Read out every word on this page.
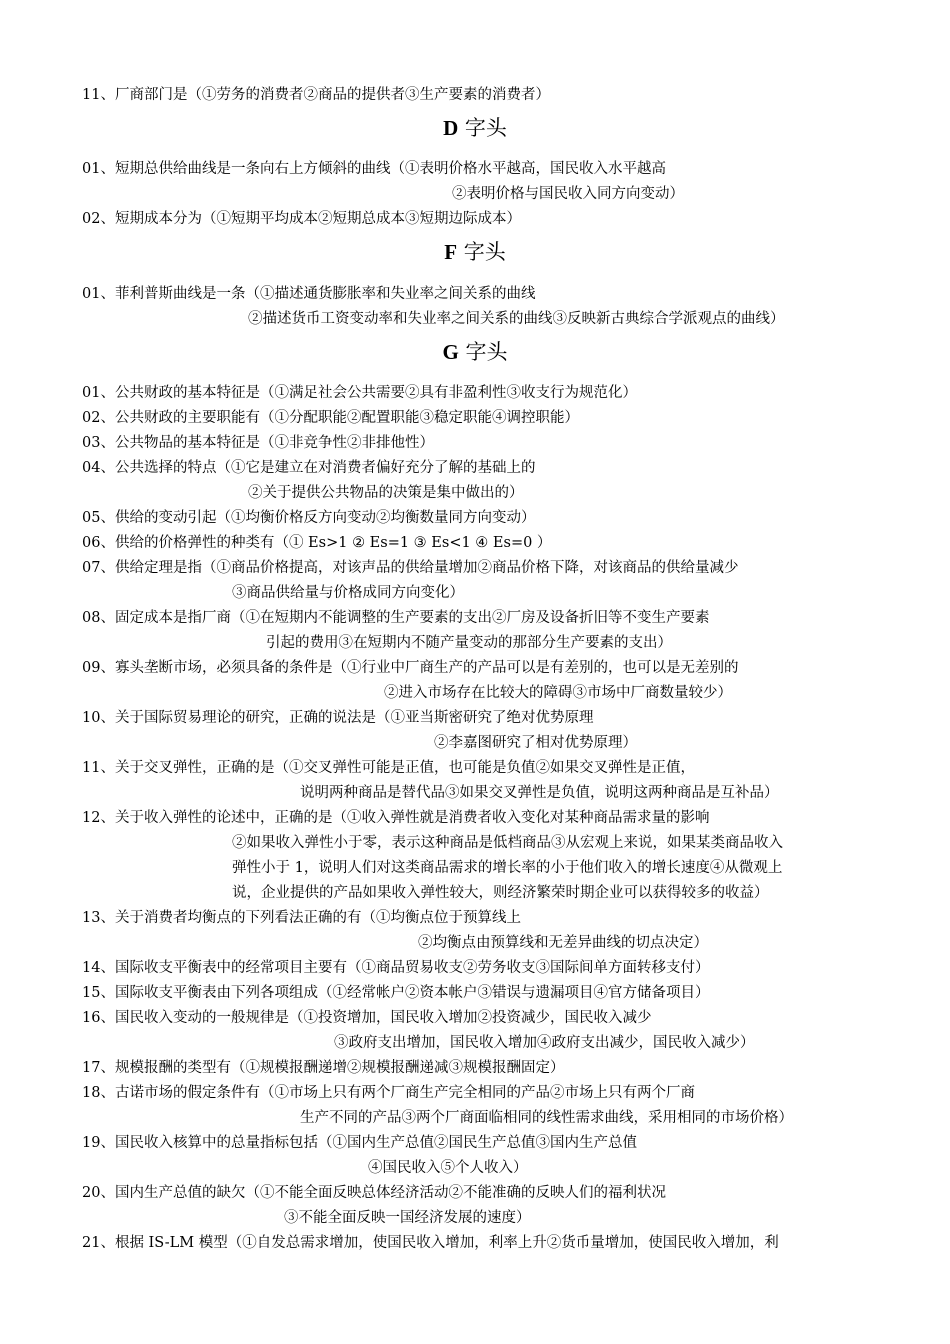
11、厂商部门是（①劳务的消费者②商品的提供者③生产要素的消费者）
D 字头
01、短期总供给曲线是一条向右上方倾斜的曲线（①表明价格水平越高，国民收入水平越高
②表明价格与国民收入同方向变动）
02、短期成本分为（①短期平均成本②短期总成本③短期边际成本）
F 字头
01、菲利普斯曲线是一条（①描述通货膨胀率和失业率之间关系的曲线
②描述货币工资变动率和失业率之间关系的曲线③反映新古典综合学派观点的曲线）
G 字头
01、公共财政的基本特征是（①满足社会公共需要②具有非盈利性③收支行为规范化）
02、公共财政的主要职能有（①分配职能②配置职能③稳定职能④调控职能）
03、公共物品的基本特征是（①非竞争性②非排他性）
04、公共选择的特点（①它是建立在对消费者偏好充分了解的基础上的
②关于提供公共物品的决策是集中做出的）
05、供给的变动引起（①均衡价格反方向变动②均衡数量同方向变动）
06、供给的价格弹性的种类有（① Es>1 ② Es=1 ③ Es<1 ④ Es=0 ）
07、供给定理是指（①商品价格提高，对该声品的供给量增加②商品价格下降，对该商品的供给量减少
③商品供给量与价格成同方向变化）
08、固定成本是指厂商（①在短期内不能调整的生产要素的支出②厂房及设备折旧等不变生产要素
引起的费用③在短期内不随产量变动的那部分生产要素的支出）
09、寡头垄断市场，必须具备的条件是（①行业中厂商生产的产品可以是有差别的，也可以是无差别的
②进入市场存在比较大的障碍③市场中厂商数量较少）
10、关于国际贸易理论的研究，正确的说法是（①亚当斯密研究了绝对优势原理
②李嘉图研究了相对优势原理）
11、关于交叉弹性，正确的是（①交叉弹性可能是正值，也可能是负值②如果交叉弹性是正值，
说明两种商品是替代品③如果交叉弹性是负值，说明这两种商品是互补品）
12、关于收入弹性的论述中，正确的是（①收入弹性就是消费者收入变化对某种商品需求量的影响
②如果收入弹性小于零，表示这种商品是低档商品③从宏观上来说，如果某类商品收入
弹性小于 1，说明人们对这类商品需求的增长率的小于他们收入的增长速度④从微观上
说，企业提供的产品如果收入弹性较大，则经济繁荣时期企业可以获得较多的收益）
13、关于消费者均衡点的下列看法正确的有（①均衡点位于预算线上
②均衡点由预算线和无差异曲线的切点决定）
14、国际收支平衡表中的经常项目主要有（①商品贸易收支②劳务收支③国际间单方面转移支付）
15、国际收支平衡表由下列各项组成（①经常帐户②资本帐户③错误与遗漏项目④官方储备项目）
16、国民收入变动的一般规律是（①投资增加，国民收入增加②投资减少，国民收入减少
③政府支出增加，国民收入增加④政府支出减少，国民收入减少）
17、规模报酬的类型有（①规模报酬递增②规模报酬递减③规模报酬固定）
18、古诺市场的假定条件有（①市场上只有两个厂商生产完全相同的产品②市场上只有两个厂商
生产不同的产品③两个厂商面临相同的线性需求曲线，采用相同的市场价格）
19、国民收入核算中的总量指标包括（①国内生产总值②国民生产总值③国内生产总值
④国民收入⑤个人收入）
20、国内生产总值的缺欠（①不能全面反映总体经济活动②不能准确的反映人们的福利状况
③不能全面反映一国经济发展的速度）
21、根据 IS-LM 模型（①自发总需求增加，使国民收入增加，利率上升②货币量增加，使国民收入增加，利
